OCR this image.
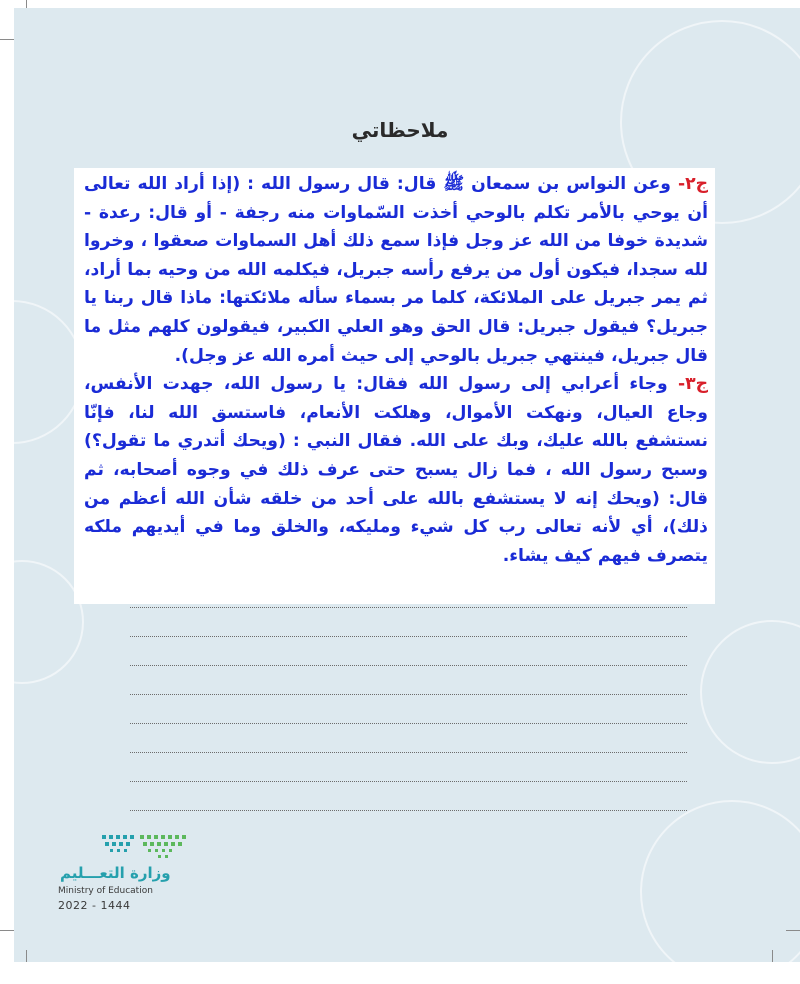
ملاحظاتي

ج٢- وعن النواس بن سمعان ﷺ قال: قال رسول الله : (إذا أراد الله تعالى أن يوحي بالأمر تكلم بالوحي أخذت السّماوات منه رجفة - أو قال: رعدة - شديدة خوفا من الله عز وجل فإذا سمع ذلك أهل السماوات صعقوا ، وخروا لله سجدا، فيكون أول من يرفع رأسه جبريل، فيكلمه الله من وحيه بما أراد، ثم يمر جبريل على الملائكة، كلما مر بسماء سأله ملائكتها: ماذا قال ربنا يا جبريل؟ فيقول جبريل: قال الحق وهو العلي الكبير، فيقولون كلهم مثل ما قال جبريل، فينتهي جبريل بالوحي إلى حيث أمره الله عز وجل).

ج٣- وجاء أعرابي إلى رسول الله فقال: يا رسول الله، جهدت الأنفس، وجاع العيال، ونهكت الأموال، وهلكت الأنعام، فاستسق الله لنا، فإنّا نستشفع بالله عليك، وبك على الله. فقال النبي : (ويحك أتدري ما تقول؟) وسبح رسول الله ، فما زال يسبح حتى عرف ذلك في وجوه أصحابه، ثم قال: (ويحك إنه لا يستشفع بالله على أحد من خلقه شأن الله أعظم من ذلك)، أي لأنه تعالى رب كل شيء ومليكه، والخلق وما في أيديهم ملكه يتصرف فيهم كيف يشاء.

وزارة التعـــليم
Ministry of Education
2022 - 1444
